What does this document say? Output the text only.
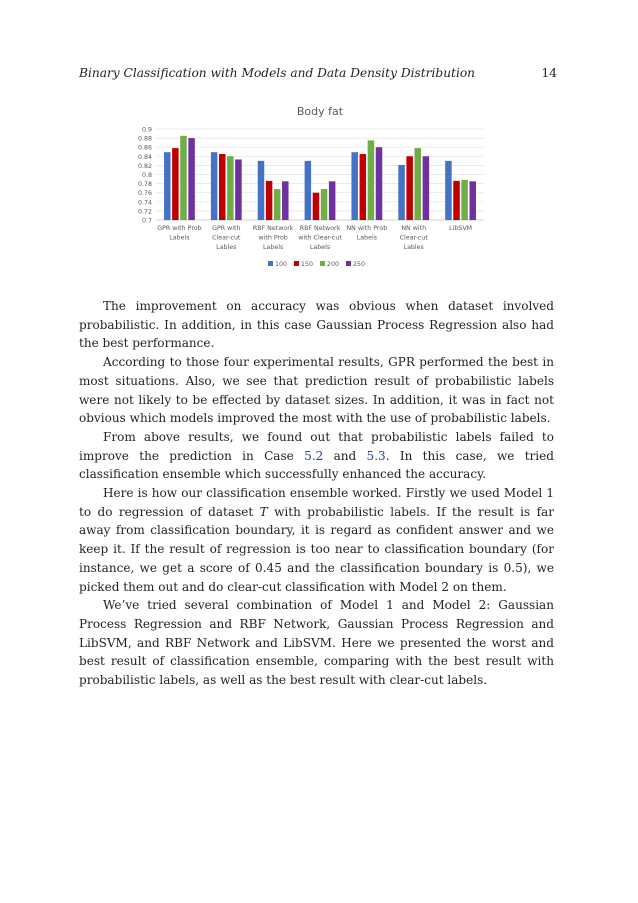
Binary Classification with Models and Data Density Distribution	14
Body fat
0.7
0.72
0.74
0.76
0.78
0.8
0.82
0.84
0.86
0.88
0.9
GPR with Prob
Labels
GPR with
Clear-cut
Lables
RBF Network
with Prob
Labels
RBF Network
with Clear-cut
Labels
NN with Prob
Labels
NN with
Clear-cut
Lables
LibSVM
100 150 200 250

The improvement on accuracy was obvious when dataset involved probabilistic. In addition, in this case Gaussian Process Regression also had the best performance.

According to those four experimental results, GPR performed the best in most situations. Also, we see that prediction result of probabilistic labels were not likely to be effected by dataset sizes. In addition, it was in fact not obvious which models improved the most with the use of probabilistic labels.

From above results, we found out that probabilistic labels failed to improve the prediction in Case 5.2 and 5.3. In this case, we tried classification ensemble which successfully enhanced the accuracy.

Here is how our classification ensemble worked. Firstly we used Model 1 to do regression of dataset T with probabilistic labels. If the result is far away from classification boundary, it is regard as confident answer and we keep it. If the result of regression is too near to classification boundary (for instance, we get a score of 0.45 and the classification boundary is 0.5), we picked them out and do clear-cut classification with Model 2 on them.

We’ve tried several combination of Model 1 and Model 2: Gaussian Process Regression and RBF Network, Gaussian Process Regression and LibSVM, and RBF Network and LibSVM. Here we presented the worst and best result of classification ensemble, comparing with the best result with probabilistic labels, as well as the best result with clear-cut labels.
